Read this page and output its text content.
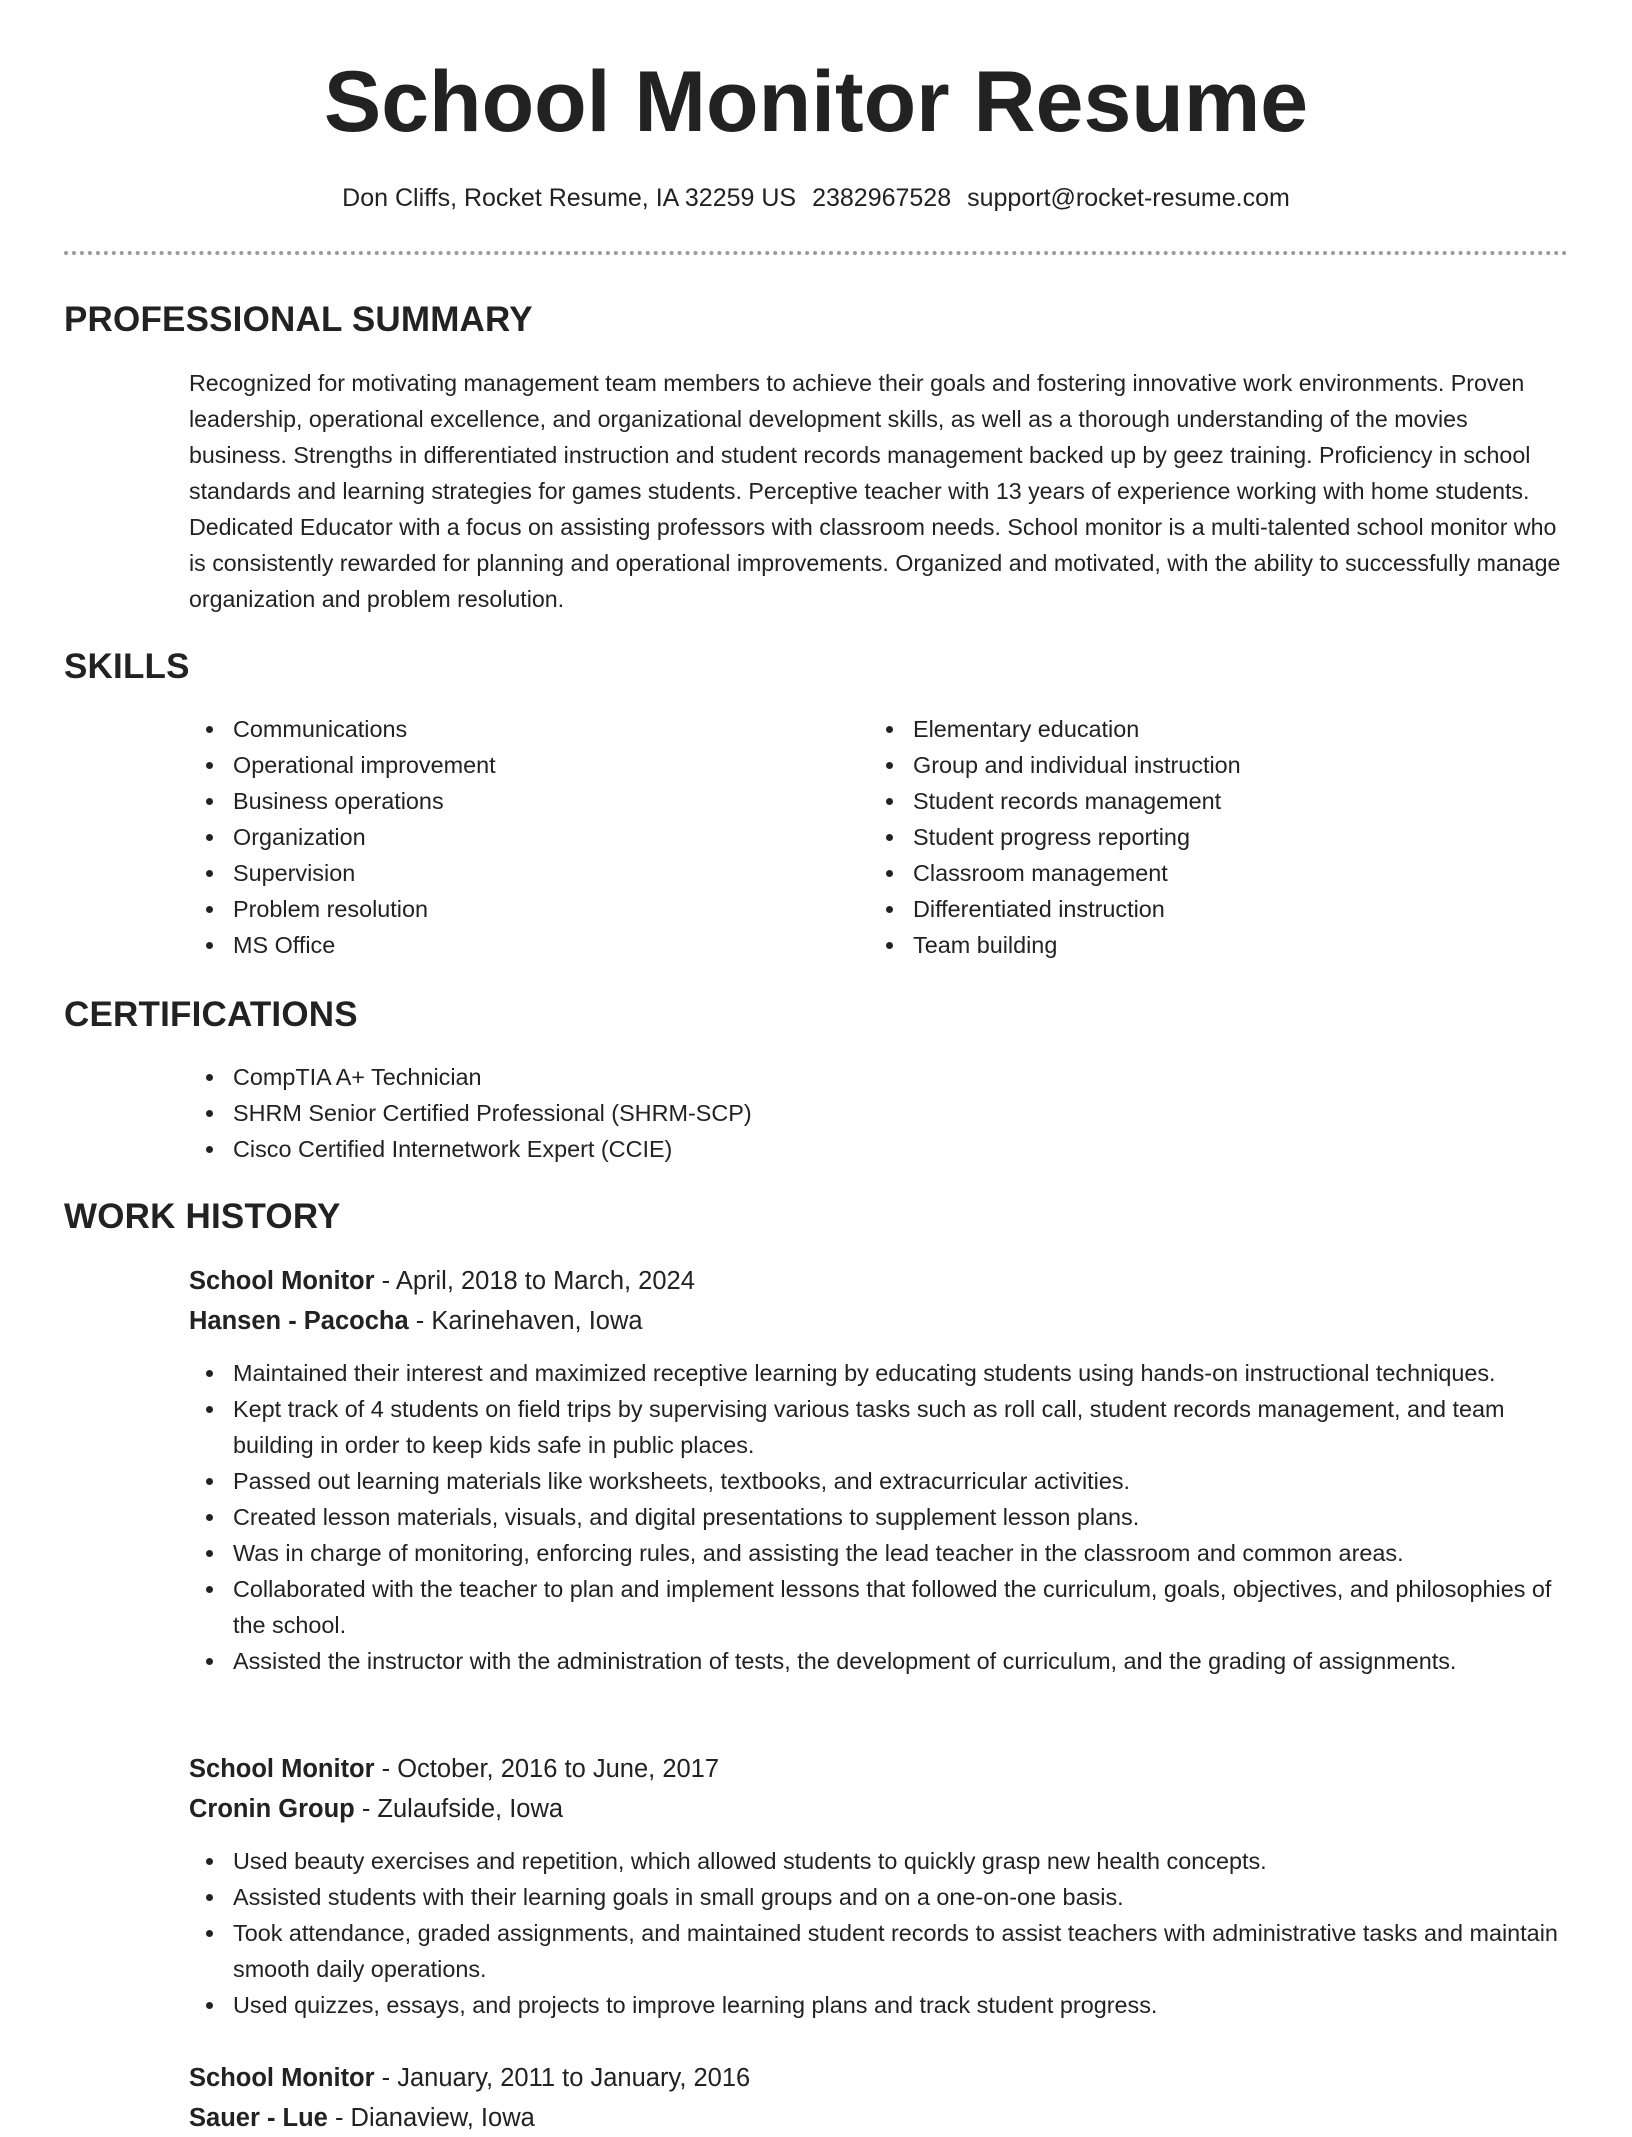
School Monitor Resume
Don Cliffs, Rocket Resume, IA 32259 US 2382967528 support@rocket-resume.com
PROFESSIONAL SUMMARY
Recognized for motivating management team members to achieve their goals and fostering innovative work environments. Proven leadership, operational excellence, and organizational development skills, as well as a thorough understanding of the movies business. Strengths in differentiated instruction and student records management backed up by geez training. Proficiency in school standards and learning strategies for games students. Perceptive teacher with 13 years of experience working with home students. Dedicated Educator with a focus on assisting professors with classroom needs. School monitor is a multi-talented school monitor who is consistently rewarded for planning and operational improvements. Organized and motivated, with the ability to successfully manage organization and problem resolution.
SKILLS
Communications
Operational improvement
Business operations
Organization
Supervision
Problem resolution
MS Office
Elementary education
Group and individual instruction
Student records management
Student progress reporting
Classroom management
Differentiated instruction
Team building
CERTIFICATIONS
CompTIA A+ Technician
SHRM Senior Certified Professional (SHRM-SCP)
Cisco Certified Internetwork Expert (CCIE)
WORK HISTORY
School Monitor - April, 2018 to March, 2024
Hansen - Pacocha - Karinehaven, Iowa
Maintained their interest and maximized receptive learning by educating students using hands-on instructional techniques.
Kept track of 4 students on field trips by supervising various tasks such as roll call, student records management, and team building in order to keep kids safe in public places.
Passed out learning materials like worksheets, textbooks, and extracurricular activities.
Created lesson materials, visuals, and digital presentations to supplement lesson plans.
Was in charge of monitoring, enforcing rules, and assisting the lead teacher in the classroom and common areas.
Collaborated with the teacher to plan and implement lessons that followed the curriculum, goals, objectives, and philosophies of the school.
Assisted the instructor with the administration of tests, the development of curriculum, and the grading of assignments.
School Monitor - October, 2016 to June, 2017
Cronin Group - Zulaufside, Iowa
Used beauty exercises and repetition, which allowed students to quickly grasp new health concepts.
Assisted students with their learning goals in small groups and on a one-on-one basis.
Took attendance, graded assignments, and maintained student records to assist teachers with administrative tasks and maintain smooth daily operations.
Used quizzes, essays, and projects to improve learning plans and track student progress.
School Monitor - January, 2011 to January, 2016
Sauer - Lue - Dianaview, Iowa
